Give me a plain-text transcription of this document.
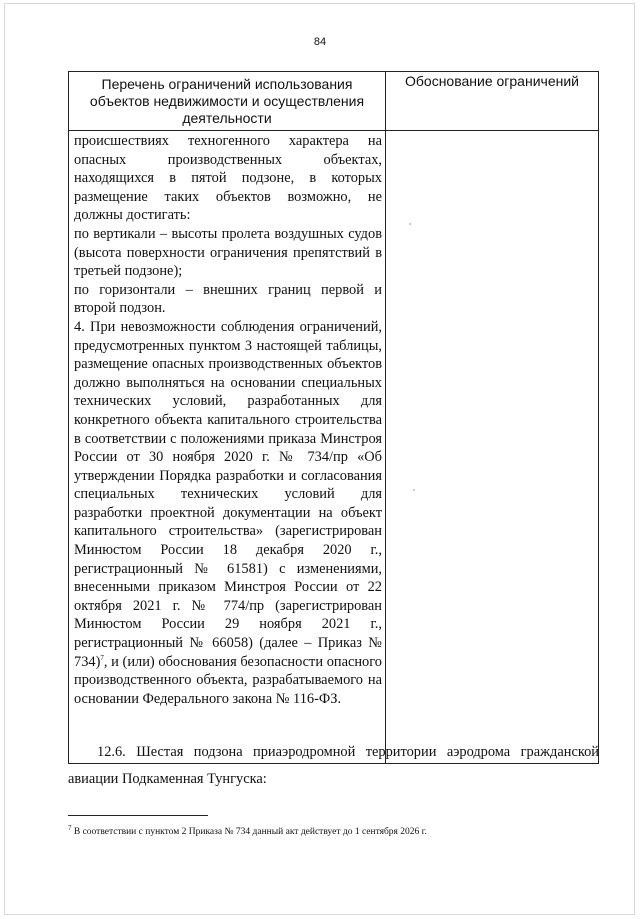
84
Перечень ограничений использования объектов недвижимости и осуществления деятельности	Обоснование ограничений

происшествиях техногенного характера на опасных производственных объектах, находящихся в пятой подзоне, в которых размещение таких объектов возможно, не должны достигать:

по вертикали – высоты пролета воздушных судов (высота поверхности ограничения препятствий в третьей подзоне);

по горизонтали – внешних границ первой и второй подзон.

4. При невозможности соблюдения ограничений, предусмотренных пунктом 3 настоящей таблицы, размещение опасных производственных объектов должно выполняться на основании специальных технических условий, разработанных для конкретного объекта капитального строительства в соответствии с положениями приказа Минстроя России от 30 ноября 2020 г. № 734/пр «Об утверждении Порядка разработки и согласования специальных технических условий для разработки проектной документации на объект капитального строительства» (зарегистрирован Минюстом России 18 декабря 2020 г., регистрационный № 61581) с изменениями, внесенными приказом Минстроя России от 22 октября 2021 г. № 774/пр (зарегистрирован Минюстом России 29 ноября 2021 г., регистрационный № 66058) (далее – Приказ № 734)$^7$, и (или) обоснования безопасности опасного производственного объекта, разрабатываемого на основании Федерального закона № 116-ФЗ.	

12.6. Шестая подзона приаэродромной территории аэродрома гражданской авиации Подкаменная Тунгуска:

$^7$ В соответствии с пунктом 2 Приказа № 734 данный акт действует до 1 сентября 2026 г.
